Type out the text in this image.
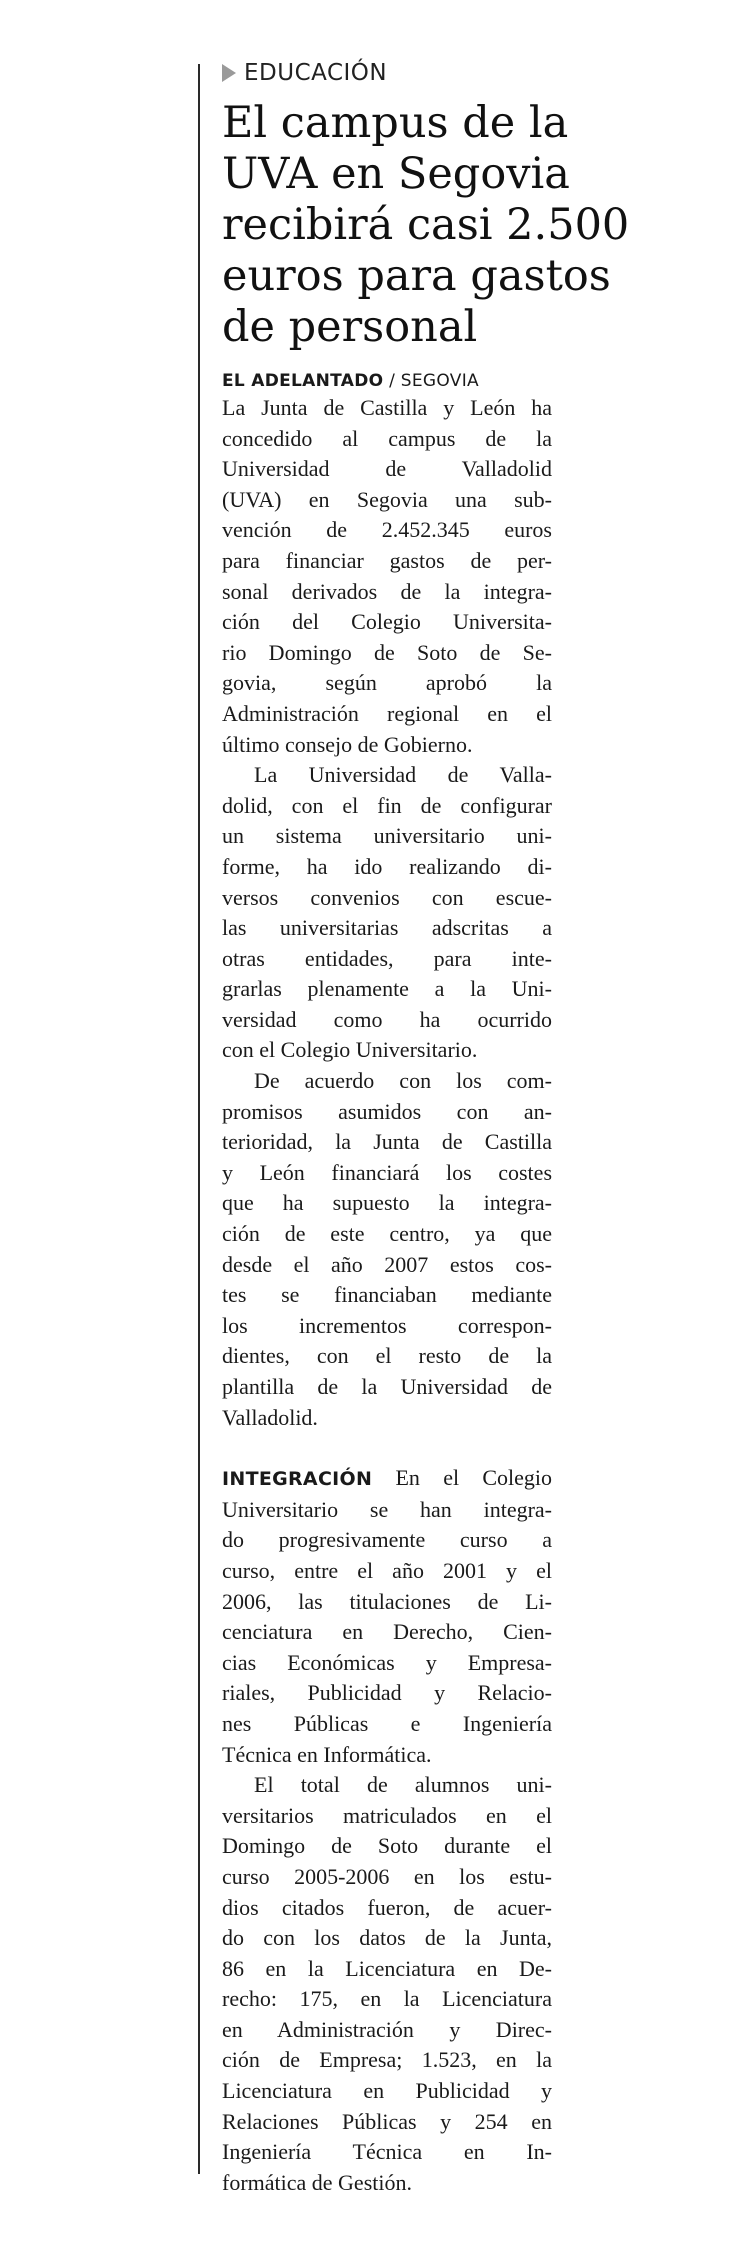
EDUCACIÓN
El campus de la
UVA en Segovia
recibirá casi 2.500
euros para gastos
de personal
EL ADELANTADO / SEGOVIA
La Junta de Castilla y León ha
concedido al campus de la
Universidad de Valladolid
(UVA) en Segovia una sub-
vención de 2.452.345 euros
para financiar gastos de per-
sonal derivados de la integra-
ción del Colegio Universita-
rio Domingo de Soto de Se-
govia, según aprobó la
Administración regional en el
último consejo de Gobierno.
La Universidad de Valla-
dolid, con el fin de configurar
un sistema universitario uni-
forme, ha ido realizando di-
versos convenios con escue-
las universitarias adscritas a
otras entidades, para inte-
grarlas plenamente a la Uni-
versidad como ha ocurrido
con el Colegio Universitario.
De acuerdo con los com-
promisos asumidos con an-
terioridad, la Junta de Castilla
y León financiará los costes
que ha supuesto la integra-
ción de este centro, ya que
desde el año 2007 estos cos-
tes se financiaban mediante
los incrementos correspon-
dientes, con el resto de la
plantilla de la Universidad de
Valladolid.
INTEGRACIÓN En el Colegio
Universitario se han integra-
do progresivamente curso a
curso, entre el año 2001 y el
2006, las titulaciones de Li-
cenciatura en Derecho, Cien-
cias Económicas y Empresa-
riales, Publicidad y Relacio-
nes Públicas e Ingeniería
Técnica en Informática.
El total de alumnos uni-
versitarios matriculados en el
Domingo de Soto durante el
curso 2005-2006 en los estu-
dios citados fueron, de acuer-
do con los datos de la Junta,
86 en la Licenciatura en De-
recho: 175, en la Licenciatura
en Administración y Direc-
ción de Empresa; 1.523, en la
Licenciatura en Publicidad y
Relaciones Públicas y 254 en
Ingeniería Técnica en In-
formática de Gestión.
